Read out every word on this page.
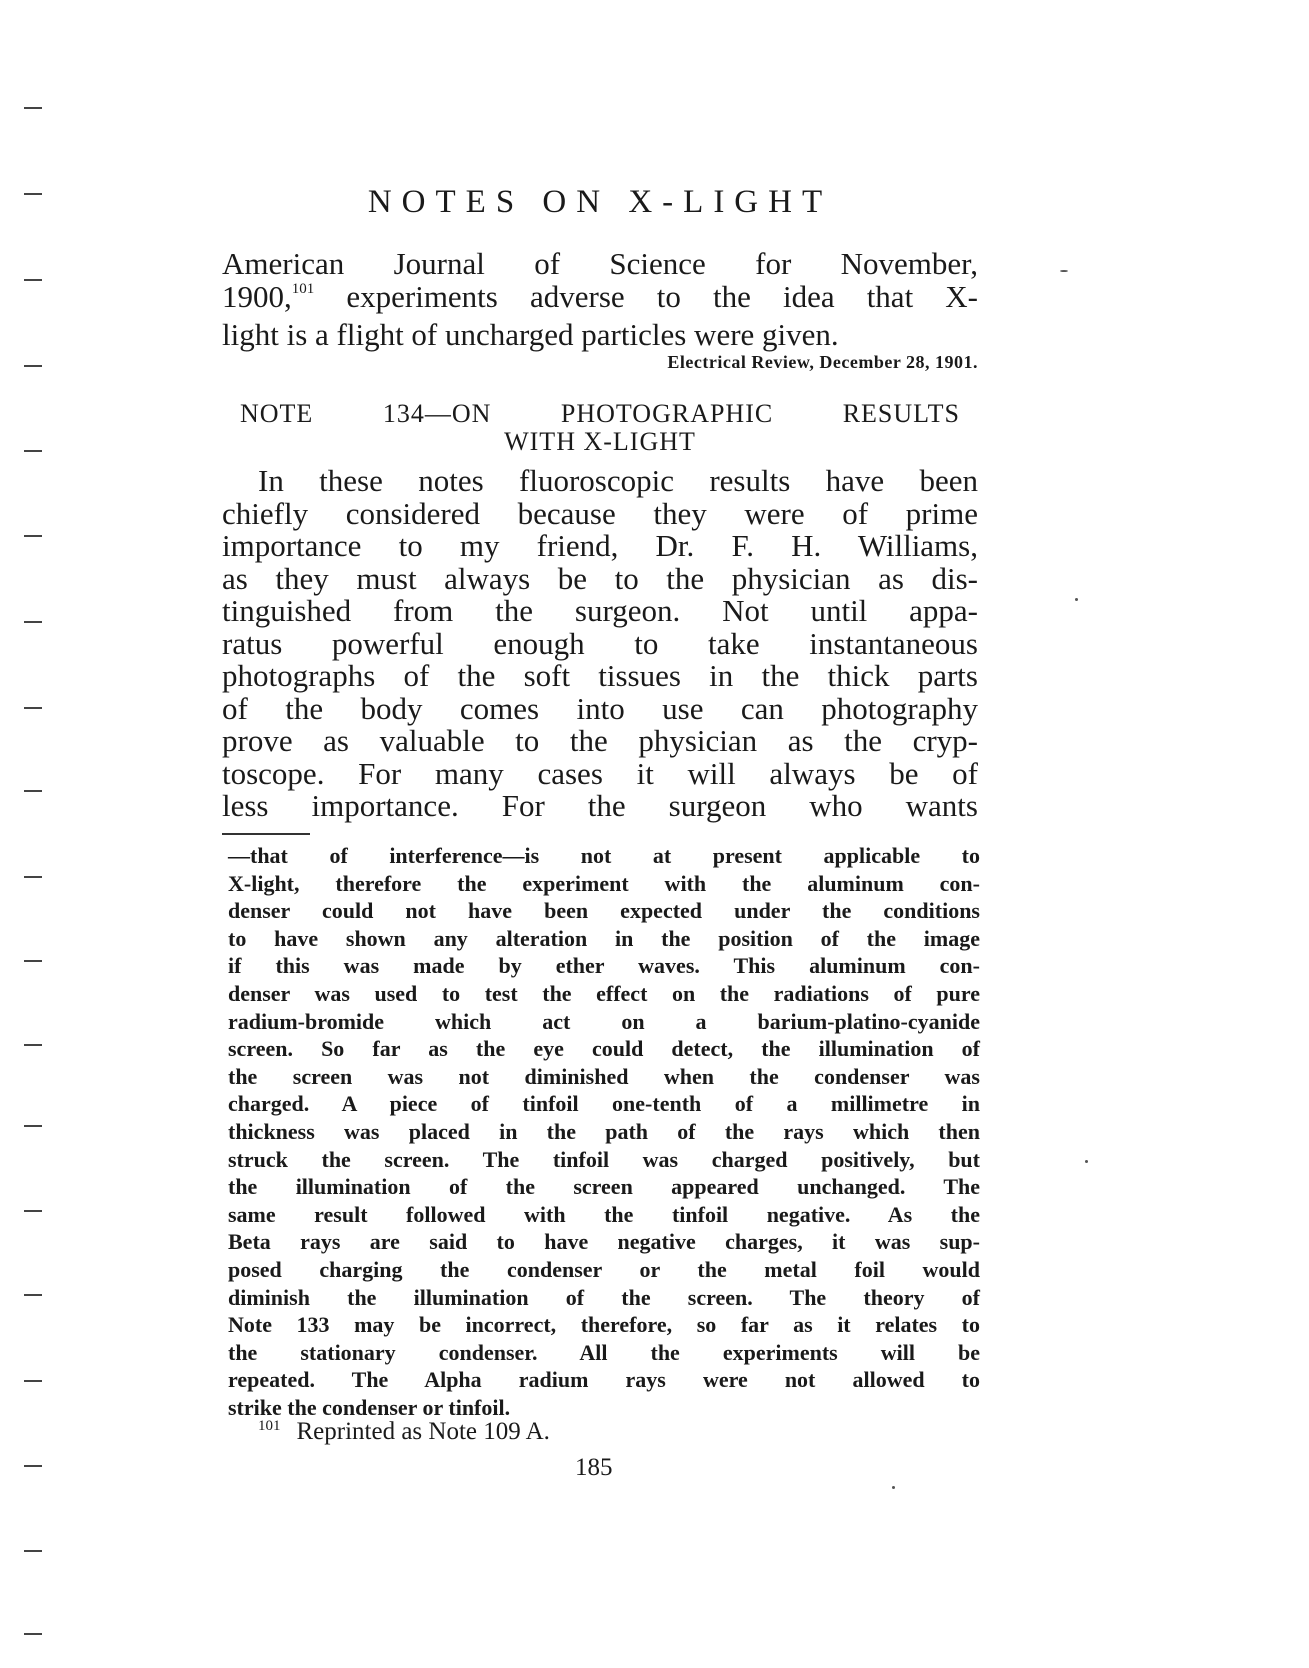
NOTES ON X-LIGHT
American Journal of Science for November,
1900,$^{101}$ experiments adverse to the idea that X-
light is a flight of uncharged particles were given.
Electrical Review, December 28, 1901.
NOTE 134—ON PHOTOGRAPHIC RESULTS
WITH X-LIGHT
In these notes fluoroscopic results have been
chiefly considered because they were of prime
importance to my friend, Dr. F. H. Williams,
as they must always be to the physician as dis-
tinguished from the surgeon. Not until appa-
ratus powerful enough to take instantaneous
photographs of the soft tissues in the thick parts
of the body comes into use can photography
prove as valuable to the physician as the cryp-
toscope. For many cases it will always be of
less importance. For the surgeon who wants
—that of interference—is not at present applicable to
X-light, therefore the experiment with the aluminum con-
denser could not have been expected under the conditions
to have shown any alteration in the position of the image
if this was made by ether waves. This aluminum con-
denser was used to test the effect on the radiations of pure
radium-bromide which act on a barium-platino-cyanide
screen. So far as the eye could detect, the illumination of
the screen was not diminished when the condenser was
charged. A piece of tinfoil one-tenth of a millimetre in
thickness was placed in the path of the rays which then
struck the screen. The tinfoil was charged positively, but
the illumination of the screen appeared unchanged. The
same result followed with the tinfoil negative. As the
Beta rays are said to have negative charges, it was sup-
posed charging the condenser or the metal foil would
diminish the illumination of the screen. The theory of
Note 133 may be incorrect, therefore, so far as it relates to
the stationary condenser. All the experiments will be
repeated. The Alpha radium rays were not allowed to
strike the condenser or tinfoil.
$^{101}$ Reprinted as Note 109 A.
185
